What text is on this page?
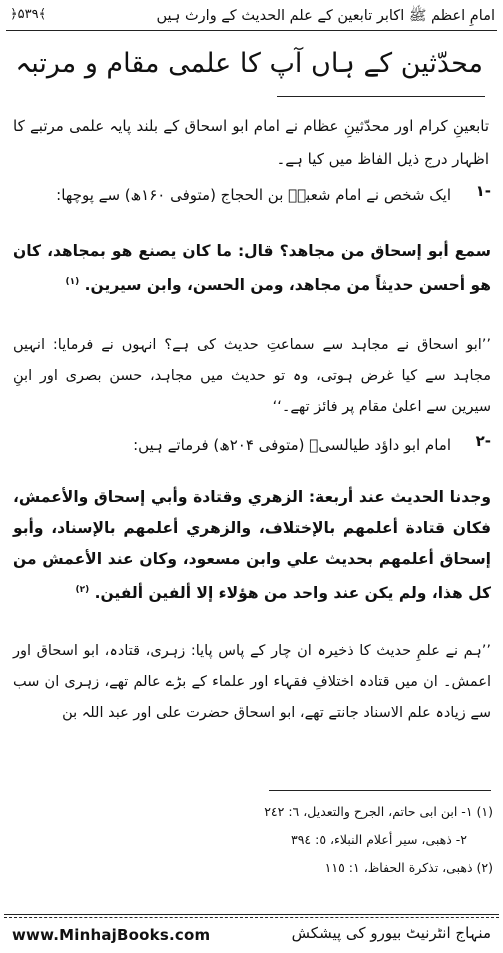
امامِ اعظم ﷺ اکابر تابعین کے علم الحدیث کے وارث ہیں
﴿۵۳۹﴾
محدّثین کے ہاں آپ کا علمی مقام و مرتبہ
تابعینِ کرام اور محدّثینِ عظام نے امام ابو اسحاق کے بلند پایہ علمی مرتبے کا اظہار درج ذیل الفاظ میں کیا ہے۔
١-
ایک شخص نے امام شعبہؒ بن الحجاج (متوفی ۱۶۰ھ) سے پوچھا:
سمع أبو إسحاق من مجاهد؟ قال: ما كان يصنع هو بمجاهد، كان هو أحسن حديثاً من مجاهد، ومن الحسن، وابن سيرين. $^{(١)}$
’’ابو اسحاق نے مجاہد سے سماعتِ حدیث کی ہے؟ انہوں نے فرمایا: انہیں مجاہد سے کیا غرض ہوتی، وہ تو حدیث میں مجاہد، حسن بصری اور ابنِ سیرین سے اعلیٰ مقام پر فائز تھے۔‘‘
٢-
امام ابو داؤد طیالسیؒ (متوفی ۲۰۴ھ) فرماتے ہیں:
وجدنا الحديث عند أربعة: الزهري وقتادة وأبي إسحاق والأعمش، فكان قتادة أعلمهم بالإختلاف، والزهري أعلمهم بالإسناد، وأبو إسحاق أعلمهم بحديث علي وابن مسعود، وكان عند الأعمش من كل هذا، ولم يكن عند واحد من هؤلاء إلا ألفين ألفين. $^{(٢)}$
’’ہم نے علمِ حدیث کا ذخیرہ ان چار کے پاس پایا: زہری، قتادہ، ابو اسحاق اور اعمش۔ ان میں قتادہ اختلافِ فقہاء اور علماء کے بڑے عالم تھے، زہری ان سب سے زیادہ علم الاسناد جانتے تھے، ابو اسحاق حضرت علی اور عبد اللہ بن
(١) ١- ابن ابی حاتم، الجرح والتعديل، ٦: ٢٤٢
٢- ذهبی، سير أعلام النبلاء، ٥: ٣٩٤
(٢) ذهبی، تذكرة الحفاظ، ١: ١١٥
www.MinhajBooks.com	منہاج انٹرنیٹ بیورو کی پیشکش
